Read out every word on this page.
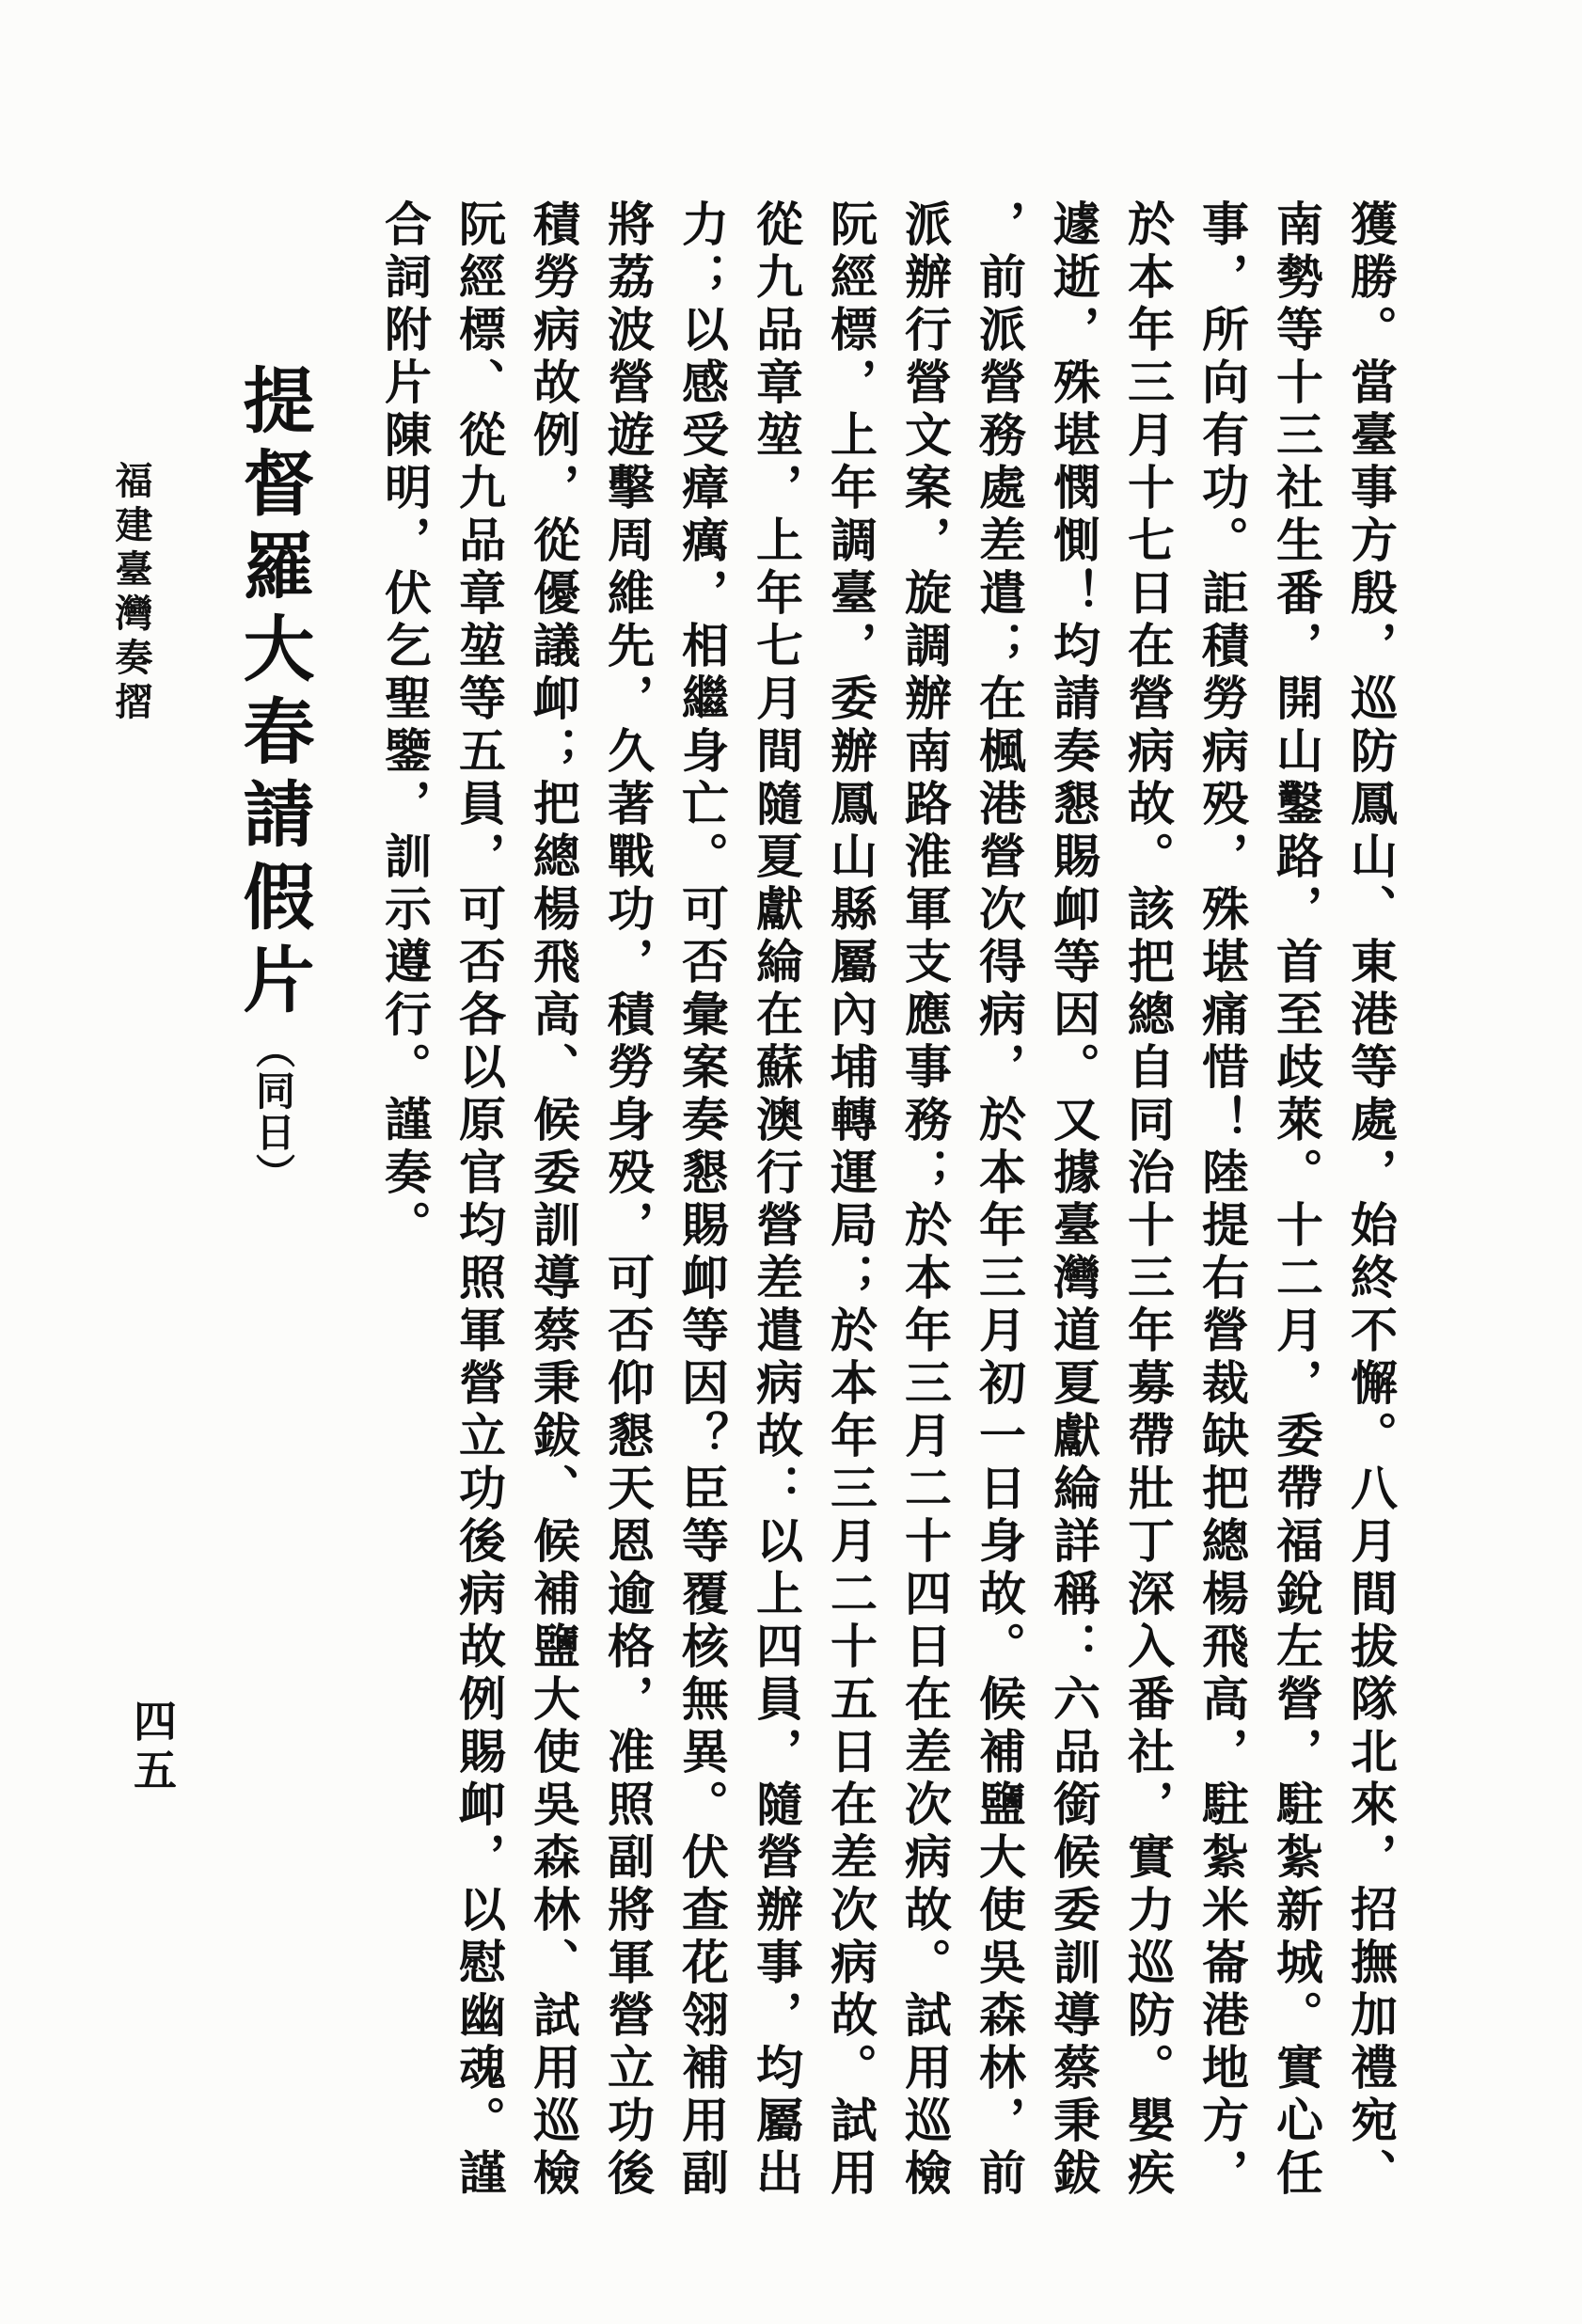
福建臺灣奏摺
四五
提督羅大春請假片 （同日）	獲勝。當臺事方殷，巡防鳳山、東港等處，始終不懈。八月間拔隊北來，招撫加禮宛、
南勢等十三社生番，開山鑿路，首至歧萊。十二月，委帶福銳左營，駐紮新城。實心任
事，所向有功。詎積勞病殁，殊堪痛惜！陸提右營裁缺把總楊飛高，駐紮米崙港地方，
於本年三月十七日在營病故。該把總自同治十三年募帶壯丁深入番社，實力巡防。嬰疾
遽逝，殊堪憫惻！均請奏懇賜卹等因。又據臺灣道夏獻綸詳稱：六品銜候委訓導蔡秉鈸
，前派營務處差遣；在楓港營次得病，於本年三月初一日身故。候補鹽大使吳森林，前
派辦行營文案，旋調辦南路淮軍支應事務；於本年三月二十四日在差次病故。試用巡檢
阮經標，上年調臺，委辦鳳山縣屬內埔轉運局；於本年三月二十五日在差次病故。試用
從九品章堃，上年七月間隨夏獻綸在蘇澳行營差遣病故：以上四員，隨營辦事，均屬出
力；以感受瘴癘，相繼身亡。可否彙案奏懇賜卹等因？臣等覆核無異。伏查花翎補用副
將荔波營遊擊周維先，久著戰功，積勞身殁，可否仰懇天恩逾格，准照副將軍營立功後
積勞病故例，從優議卹；把總楊飛高、候委訓導蔡秉鈸、候補鹽大使吳森林、試用巡檢
阮經標、從九品章堃等五員，可否各以原官均照軍營立功後病故例賜卹，以慰幽魂。謹
合詞附片陳明，伏乞聖鑒，訓示遵行。謹奏。
